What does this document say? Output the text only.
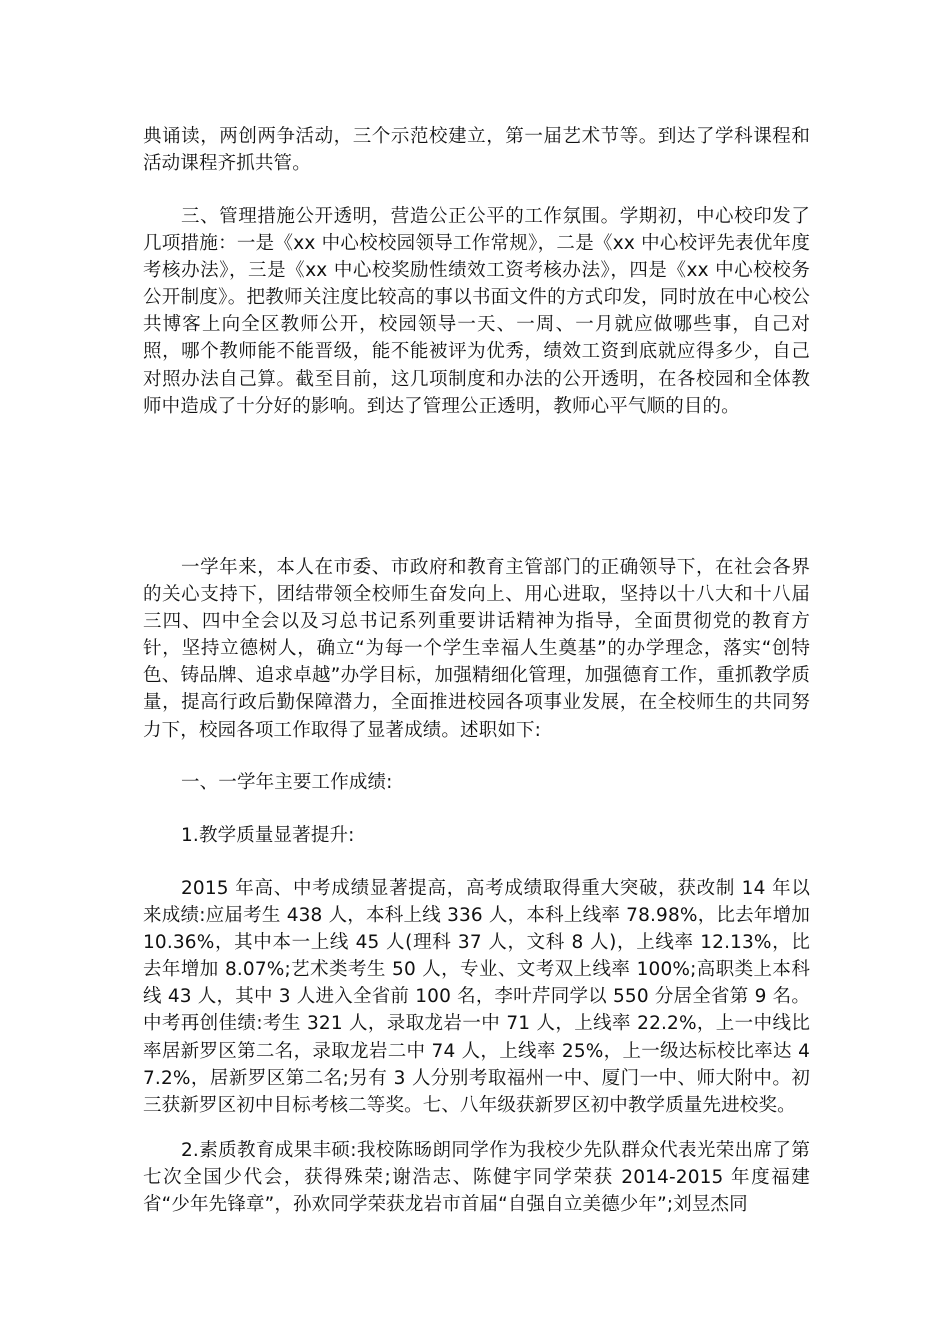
典诵读，两创两争活动，三个示范校建立，第一届艺术节等。到达了学科课程和活动课程齐抓共管。

三、管理措施公开透明，营造公正公平的工作氛围。学期初，中心校印发了几项措施：一是《xx 中心校校园领导工作常规》，二是《xx 中心校评先表优年度考核办法》，三是《xx 中心校奖励性绩效工资考核办法》，四是《xx 中心校校务公开制度》。把教师关注度比较高的事以书面文件的方式印发，同时放在中心校公共博客上向全区教师公开，校园领导一天、一周、一月就应做哪些事，自己对照，哪个教师能不能晋级，能不能被评为优秀，绩效工资到底就应得多少，自己对照办法自己算。截至目前，这几项制度和办法的公开透明，在各校园和全体教师中造成了十分好的影响。到达了管理公正透明，教师心平气顺的目的。

一学年来，本人在市委、市政府和教育主管部门的正确领导下，在社会各界的关心支持下，团结带领全校师生奋发向上、用心进取，坚持以十八大和十八届三四、四中全会以及习总书记系列重要讲话精神为指导，全面贯彻党的教育方针，坚持立德树人，确立“为每一个学生幸福人生奠基”的办学理念，落实“创特色、铸品牌、追求卓越”办学目标，加强精细化管理，加强德育工作，重抓教学质量，提高行政后勤保障潜力，全面推进校园各项事业发展，在全校师生的共同努力下，校园各项工作取得了显著成绩。述职如下:

一、一学年主要工作成绩:

1.教学质量显著提升:

2015 年高、中考成绩显著提高，高考成绩取得重大突破，获改制 14 年以来成绩:应届考生 438 人，本科上线 336 人，本科上线率 78.98%，比去年增加 10.36%，其中本一上线 45 人(理科 37 人，文科 8 人)，上线率 12.13%，比去年增加 8.07%;艺术类考生 50 人，专业、文考双上线率 100%;高职类上本科线 43 人，其中 3 人进入全省前 100 名，李叶芹同学以 550 分居全省第 9 名。中考再创佳绩:考生 321 人，录取龙岩一中 71 人，上线率 22.2%，上一中线比率居新罗区第二名，录取龙岩二中 74 人，上线率 25%，上一级达标校比率达 47.2%，居新罗区第二名;另有 3 人分别考取福州一中、厦门一中、师大附中。初三获新罗区初中目标考核二等奖。七、八年级获新罗区初中教学质量先进校奖。

2.素质教育成果丰硕:我校陈旸朗同学作为我校少先队群众代表光荣出席了第七次全国少代会，获得殊荣;谢浩志、陈健宇同学荣获 2014-2015 年度福建省“少年先锋章”，孙欢同学荣获龙岩市首届“自强自立美德少年”;刘昱杰同
